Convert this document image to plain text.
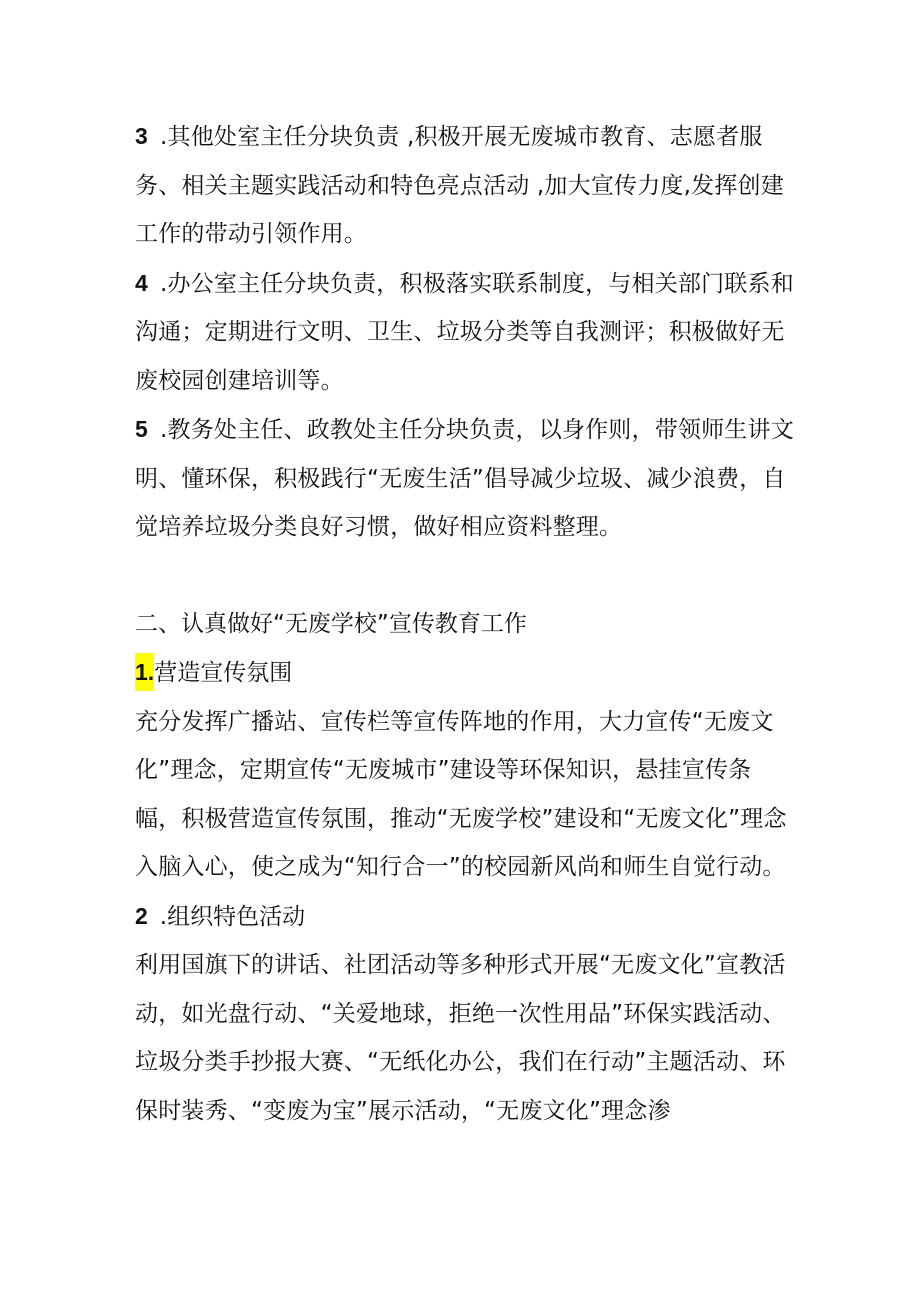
3 .其他处室主任分块负责 ,积极开展无废城市教育、志愿者服务、相关主题实践活动和特色亮点活动 ,加大宣传力度,发挥创建工作的带动引领作用。

4 .办公室主任分块负责，积极落实联系制度，与相关部门联系和沟通；定期进行文明、卫生、垃圾分类等自我测评；积极做好无废校园创建培训等。

5 .教务处主任、政教处主任分块负责，以身作则，带领师生讲文明、懂环保，积极践行“无废生活”倡导减少垃圾、减少浪费，自觉培养垃圾分类良好习惯，做好相应资料整理。

二、认真做好“无废学校”宣传教育工作

1.营造宣传氛围

充分发挥广播站、宣传栏等宣传阵地的作用，大力宣传“无废文化”理念，定期宣传“无废城市”建设等环保知识，悬挂宣传条幅，积极营造宣传氛围，推动“无废学校”建设和“无废文化”理念入脑入心，使之成为“知行合一”的校园新风尚和师生自觉行动。

2 .组织特色活动

利用国旗下的讲话、社团活动等多种形式开展“无废文化”宣教活动，如光盘行动、“关爱地球，拒绝一次性用品”环保实践活动、垃圾分类手抄报大赛、“无纸化办公，我们在行动”主题活动、环保时装秀、“变废为宝”展示活动，“无废文化”理念渗
